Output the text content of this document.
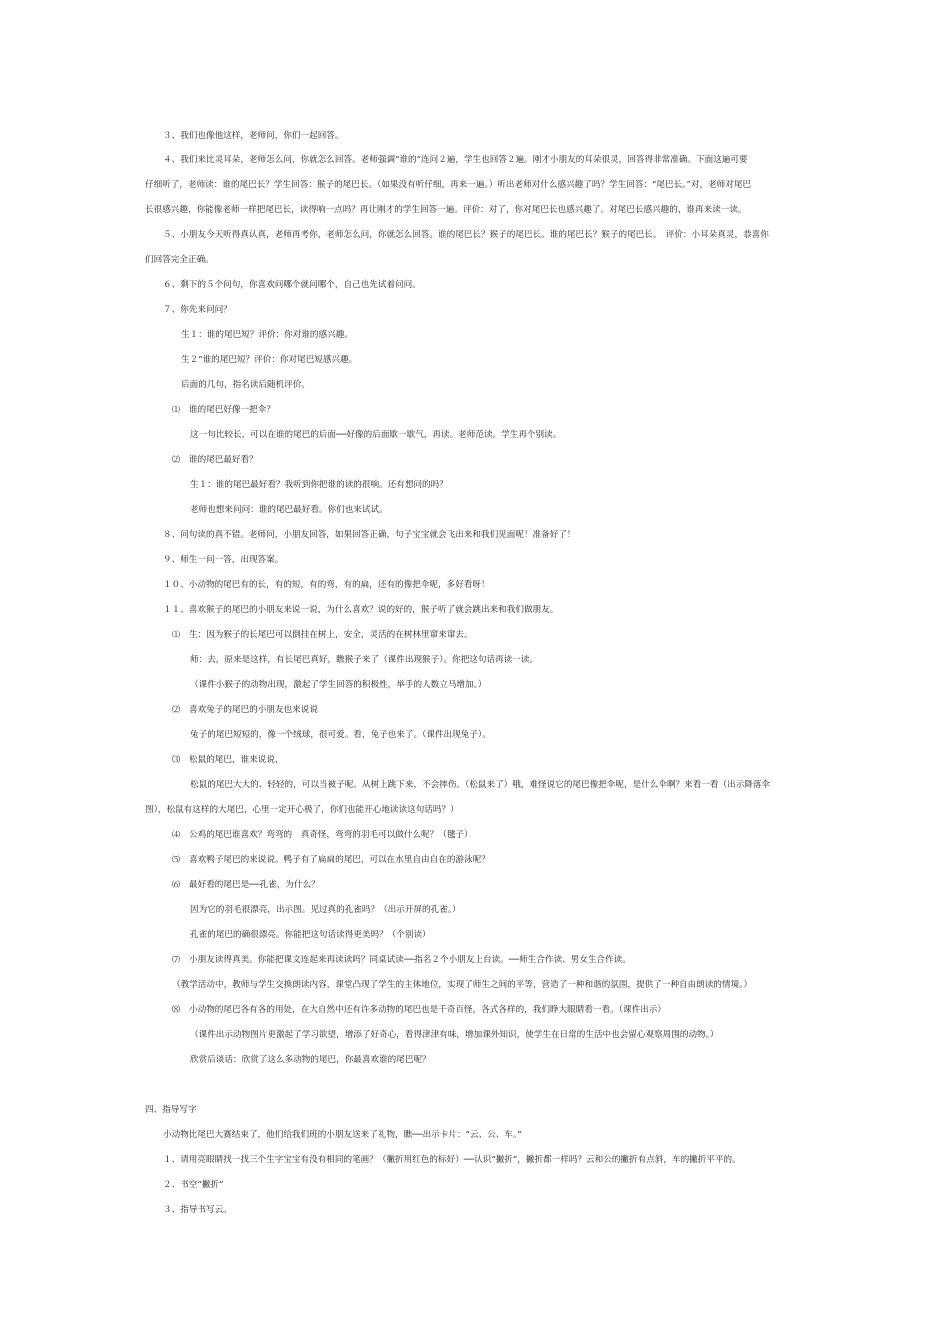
３、我们也像他这样，老师问，你们一起回答。
４、我们来比灵耳朵，老师怎么问，你就怎么回答。老师强调“谁的”连问２遍，学生也回答２遍。刚才小朋友的耳朵很灵，回答得非常准确。下面这遍可要
仔细听了，老师读：谁的尾巴长？学生回答：猴子的尾巴长。（如果没有听仔细，再来一遍。）听出老师对什么感兴趣了吗？学生回答：“尾巴长。”对，老师对尾巴
长很感兴趣，你能像老师一样把尾巴长，读得响一点吗？再让刚才的学生回答一遍。评价：对了，你对尾巴长也感兴趣了。对尾巴长感兴趣的，谁再来读一读。
５、小朋友今天听得真认真，老师再考你，老师怎么问，你就怎么回答。谁的尾巴长？猴子的尾巴长。谁的尾巴长？猴子的尾巴长。　评价：小耳朵真灵，恭喜你
们回答完全正确。
６、剩下的５个问句，你喜欢问哪个就问哪个，自己也先试着问问。
７、你先来问问？
生１：谁的尾巴短？评价：你对谁的感兴趣。
生２“谁的尾巴短？评价：你对尾巴短感兴趣。
后面的几句，指名读后随机评价。
⑴ 谁的尾巴好像一把伞？
这一句比较长，可以在谁的尾巴的后面──好像的后面歇一歇气，再读。老师范读。学生再个别读。
⑵ 谁的尾巴最好看？
生１：谁的尾巴最好看？我听到你把谁的读的很响。还有想问的吗？
老师也想来问问：谁的尾巴最好看。你们也来试试。
８、问句读的真不错。老师问，小朋友回答，如果回答正确，句子宝宝就会飞出来和我们见面呢！准备好了！
９、师生一问一答，出现答案。
１０、小动物的尾巴有的长，有的短，有的弯，有的扁，还有的像把伞呢，多好看呀！
１１、喜欢猴子的尾巴的小朋友来说一说，为什么喜欢？说的好的，猴子听了就会跳出来和我们做朋友。
⑴ 生：因为猴子的长尾巴可以倒挂在树上，安全，灵活的在树林里窜来窜去。
师：去，原来是这样，有长尾巴真好，瞧猴子来了（课件出现猴子）。你把这句话再读一读。
（课件小猴子的动物出现，激起了学生回答的积极性，举手的人数立马增加。）
⑵ 喜欢兔子的尾巴的小朋友也来说说
兔子的尾巴短短的，像一个绒球，很可爱。看，兔子也来了。（课件出现兔子）。
⑶ 松鼠的尾巴，谁来说说，
松鼠的尾巴大大的、轻轻的，可以当被子呢。从树上跳下来，不会摔伤。（松鼠来了）哦，难怪说它的尾巴像把伞呢，是什么伞啊？来看一看（出示降落伞
图），松鼠有这样的大尾巴，心里一定开心极了，你们也能开心地读读这句话吗？）
⑷ 公鸡的尾巴谁喜欢？弯弯的　真奇怪，弯弯的羽毛可以做什么呢？（毽子）
⑸ 喜欢鸭子尾巴的来说说。鸭子有了扁扁的尾巴，可以在水里自由自在的游泳呢？
⑹ 最好看的尾巴是──孔雀，为什么？
因为它的羽毛很漂亮，出示图。见过真的孔雀吗？（出示开屏的孔雀。）
孔雀的尾巴的确很漂亮。你能把这句话读得更美吗？（个别读）
⑺ 小朋友读得真美。你能把课文连起来再读读吗？同桌试读──指名２个小朋友上台读。──师生合作读、男女生合作读。
（教学活动中，教师与学生交换朗读内容，课堂凸现了学生的主体地位，实现了师生之间的平等，营造了一种和谐的氛围，提供了一种自由朗读的情境。）
⑻ 小动物的尾巴各有各的用处，在大自然中还有许多动物的尾巴也是千奇百怪，各式各样的，我们睁大眼睛看一看。（课件出示）
（课件出示动物图片更激起了学习欲望，增添了好奇心，看得津津有味，增加课外知识，使学生在日常的生活中也会留心观察周围的动物。）
欣赏后谈话：欣赏了这么多动物的尾巴，你最喜欢谁的尾巴呢？
四、指导写字
小动物比尾巴大赛结束了，他们给我们班的小朋友送来了礼物，瞧──出示卡片：“云、公、车。”
１、请用亮眼睛找一找三个生字宝宝有没有相同的笔画？（撇折用红色的标好）──认识“撇折”，撇折都一样吗？云和公的撇折有点斜，车的撇折平平的。
２、书空“撇折”
３、指导书写云。
